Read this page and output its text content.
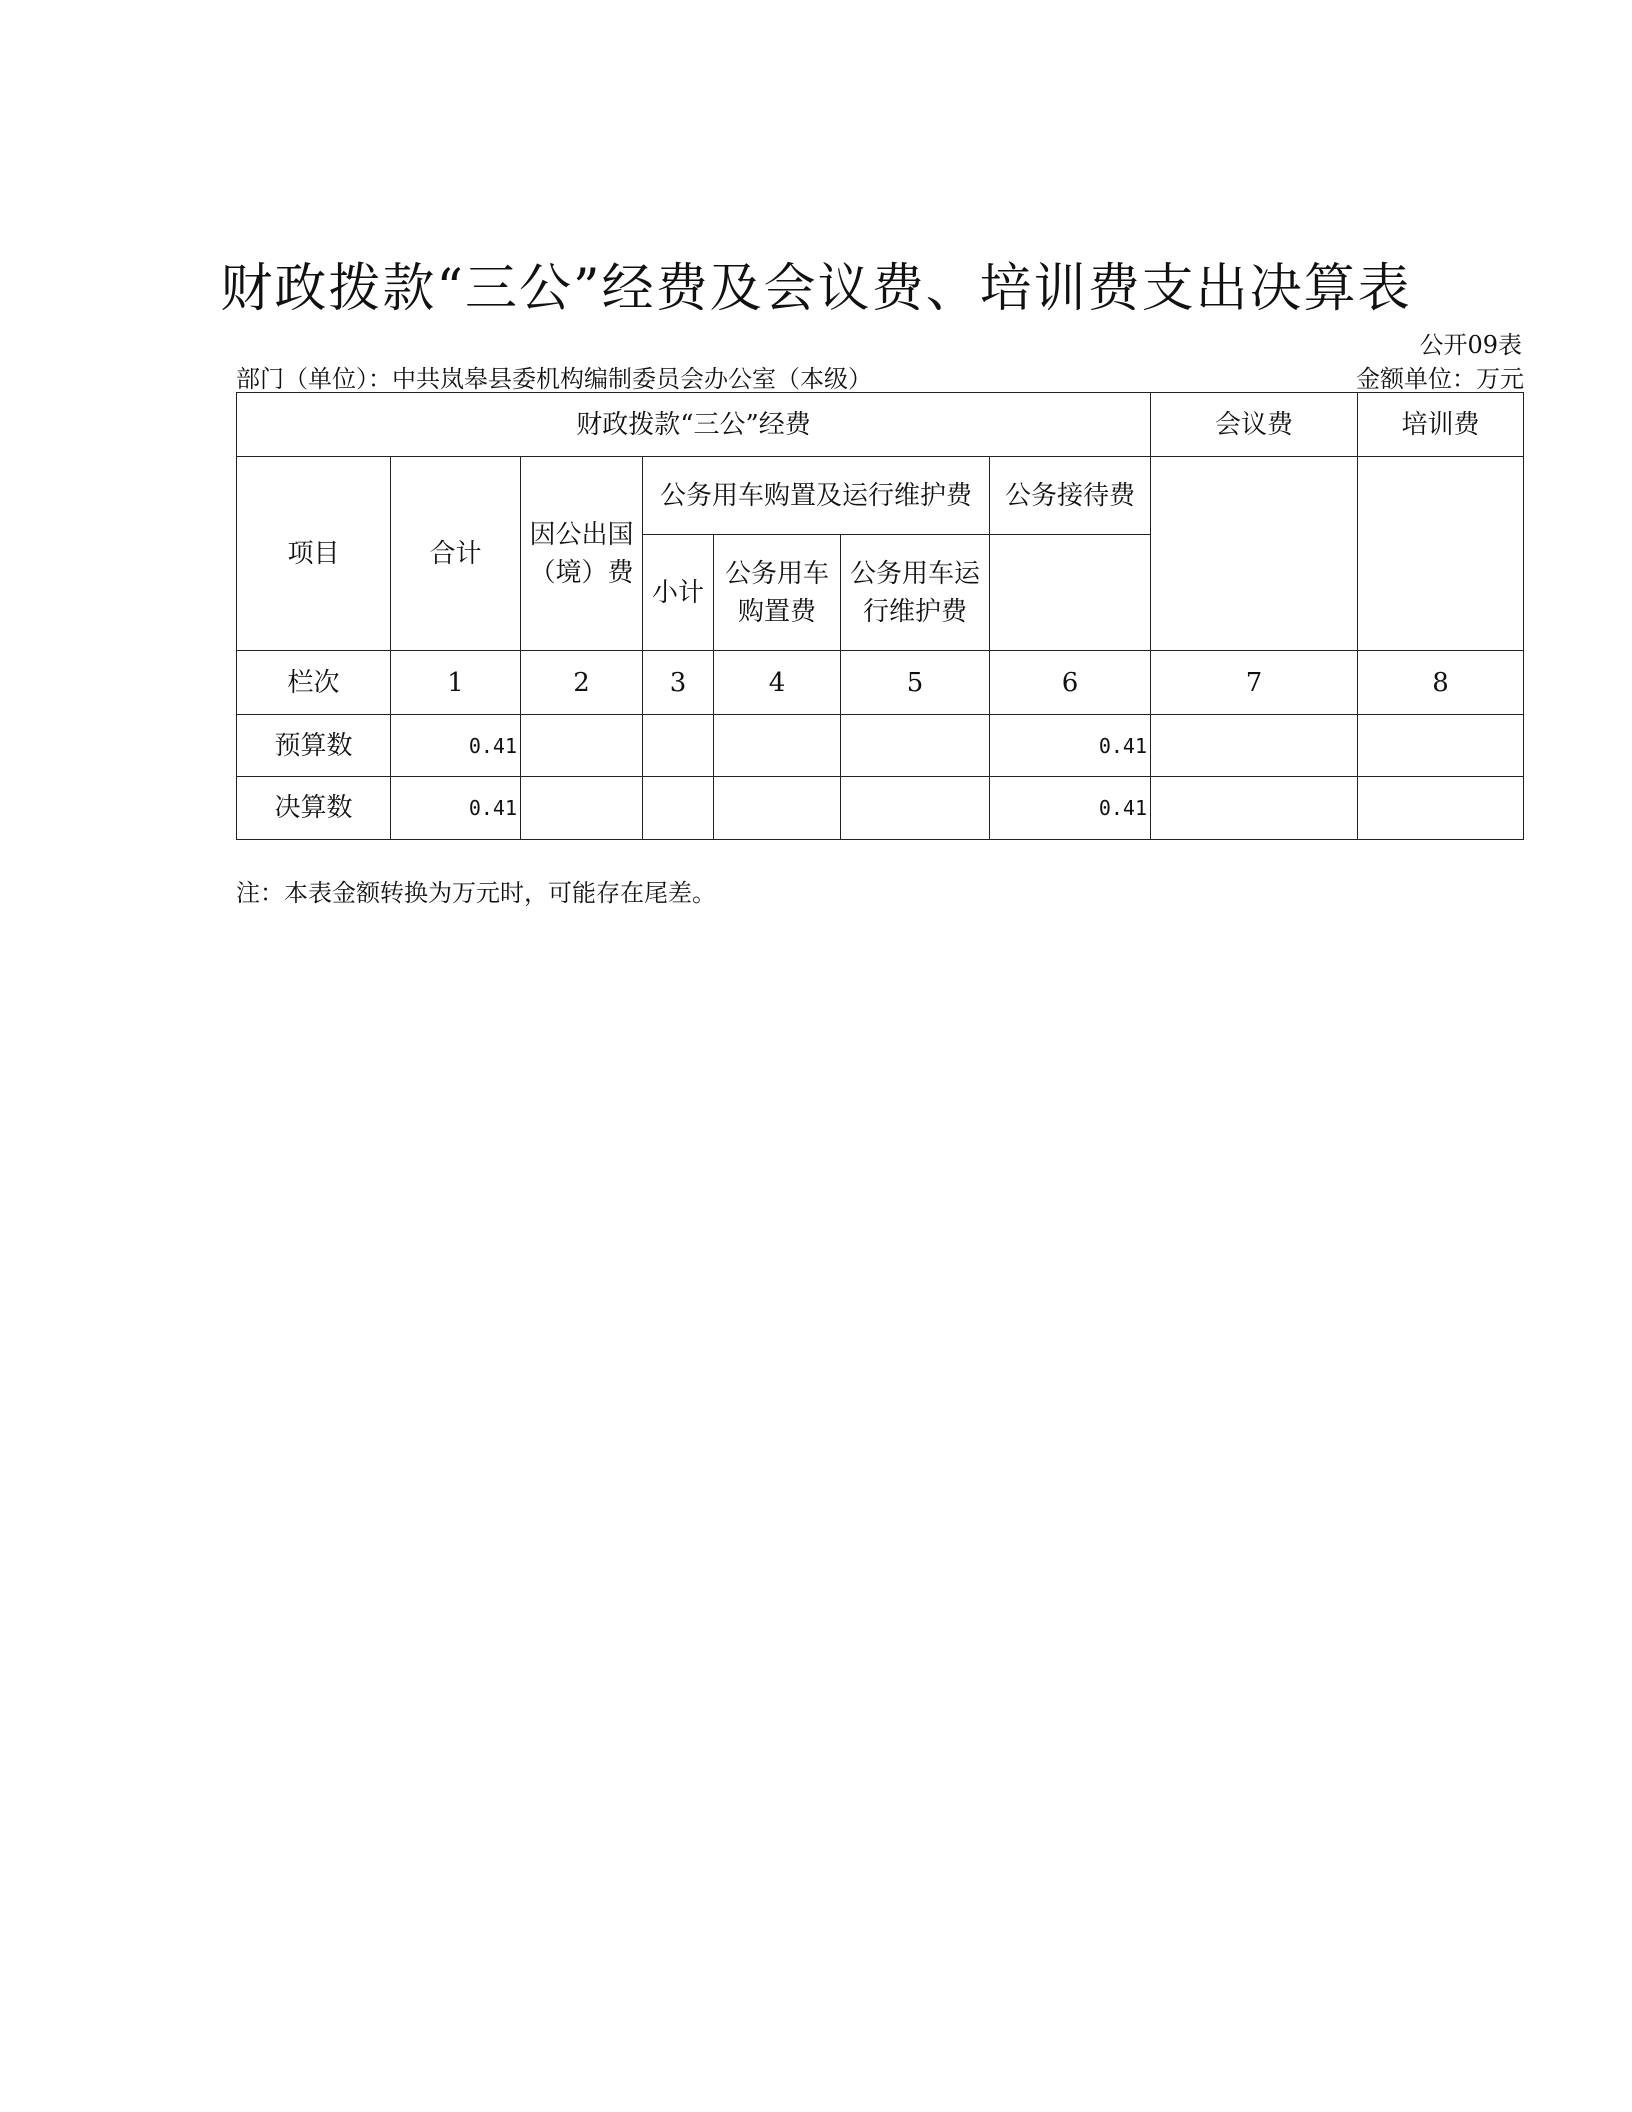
财政拨款“三公”经费及会议费、培训费支出决算表
公开09表
部门（单位）：中共岚皋县委机构编制委员会办公室（本级）	金额单位：万元
财政拨款“三公”经费							会议费	培训费
项目	合计	因公出国（境）费	公务用车购置及运行维护费			公务接待费		
			小计	公务用车购置费	公务用车运行维护费			
栏次	1	2	3	4	5	6	7	8
预算数	0.41					0.41		
决算数	0.41					0.41		
注：本表金额转换为万元时，可能存在尾差。
